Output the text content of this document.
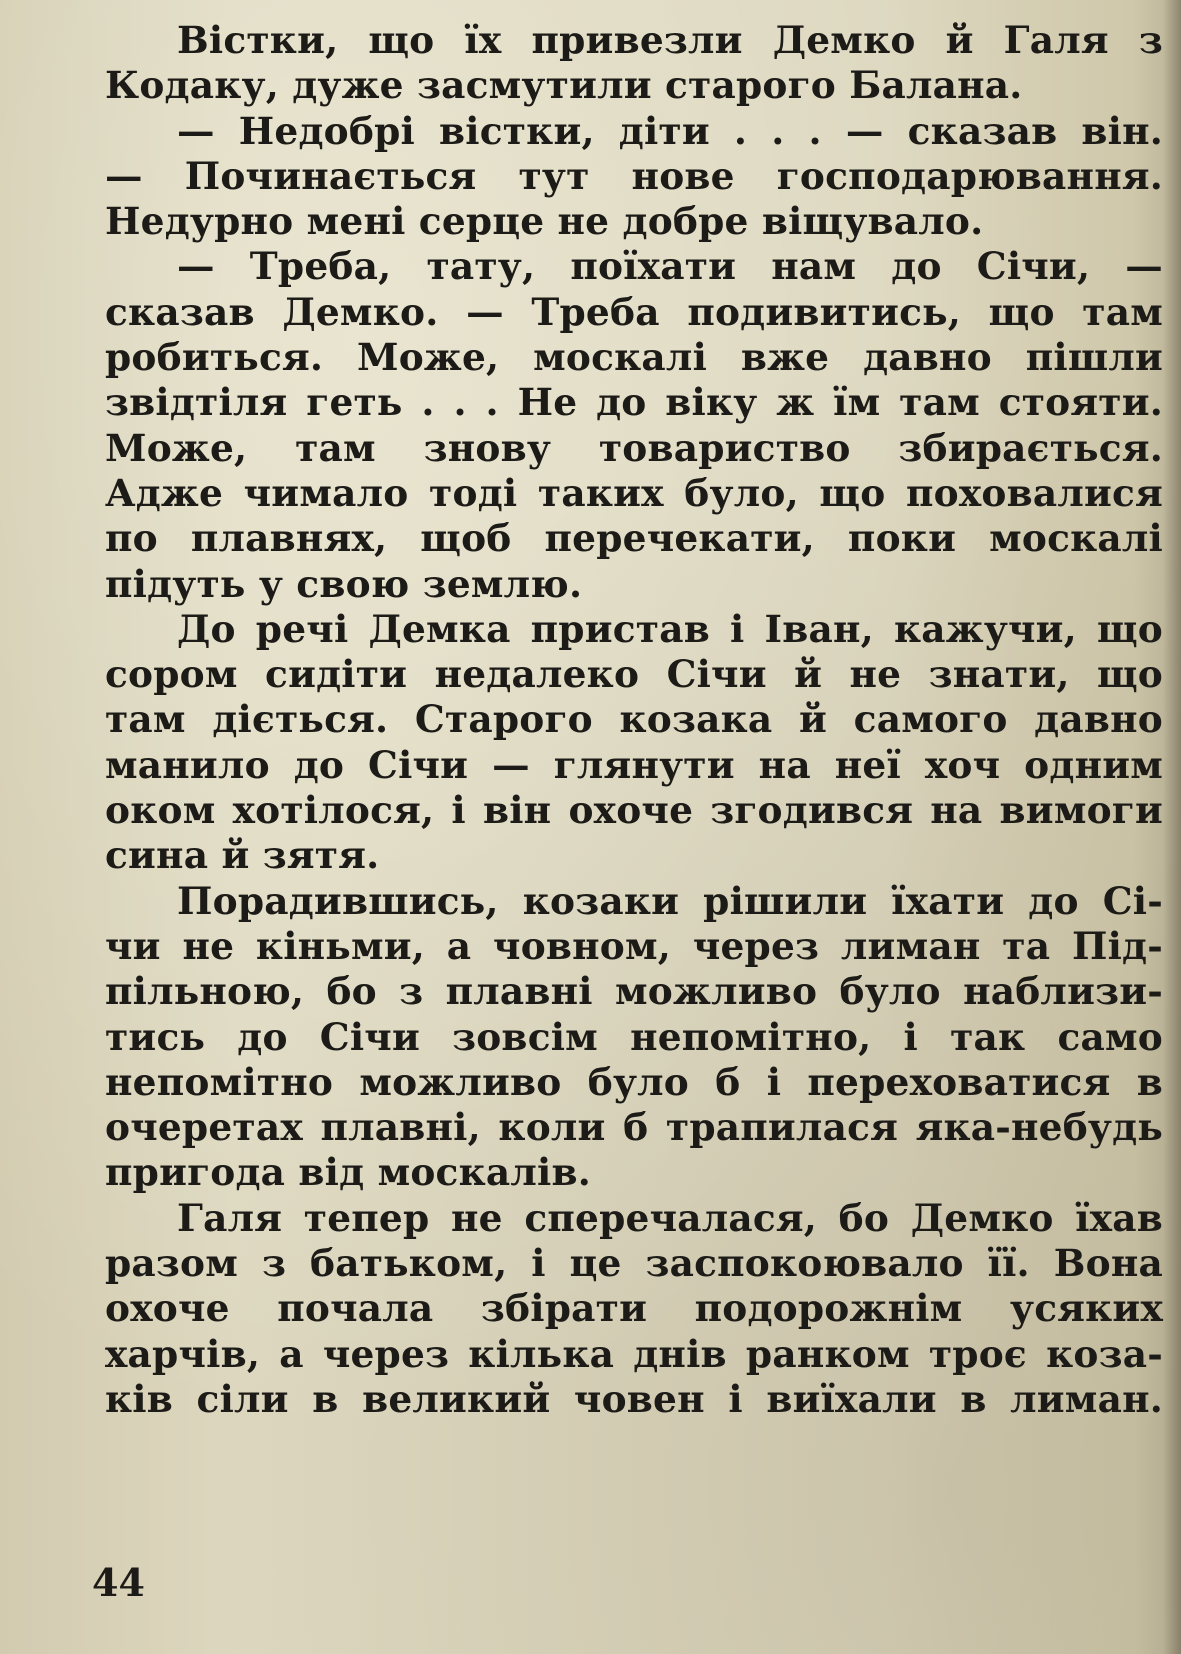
Вістки, що їх привезли Демко й Галя з
Кодаку, дуже засмутили старого Балана.

— Недобрі вістки, діти . . . — сказав він.
— Починається тут нове господарювання.
Недурно мені серце не добре віщувало.

— Треба, тату, поїхати нам до Січи, —
сказав Демко. — Треба подивитись, що там
робиться. Може, москалі вже давно пішли
звідтіля геть . . . Не до віку ж їм там стояти.
Може, там знову товариство збирається.
Адже чимало тоді таких було, що поховалися
по плавнях, щоб перечекати, поки москалі
підуть у свою землю.

До речі Демка пристав і Іван, кажучи, що
сором сидіти недалеко Січи й не знати, що
там діється. Старого козака й самого давно
манило до Січи — глянути на неї хоч одним
оком хотілося, і він охоче згодився на вимоги
сина й зятя.

Порадившись, козаки рішили їхати до Сі-
чи не кіньми, а човном, через лиман та Під-
пільною, бо з плавні можливо було наблизи-
тись до Січи зовсім непомітно, і так само
непомітно можливо було б і переховатися в
очеретах плавні, коли б трапилася яка-небудь
пригода від москалів.

Галя тепер не сперечалася, бо Демко їхав
разом з батьком, і це заспокоювало її. Вона
охоче почала збірати подорожнім усяких
харчів, а через кілька днів ранком троє коза-
ків сіли в великий човен і виїхали в лиман.

44
